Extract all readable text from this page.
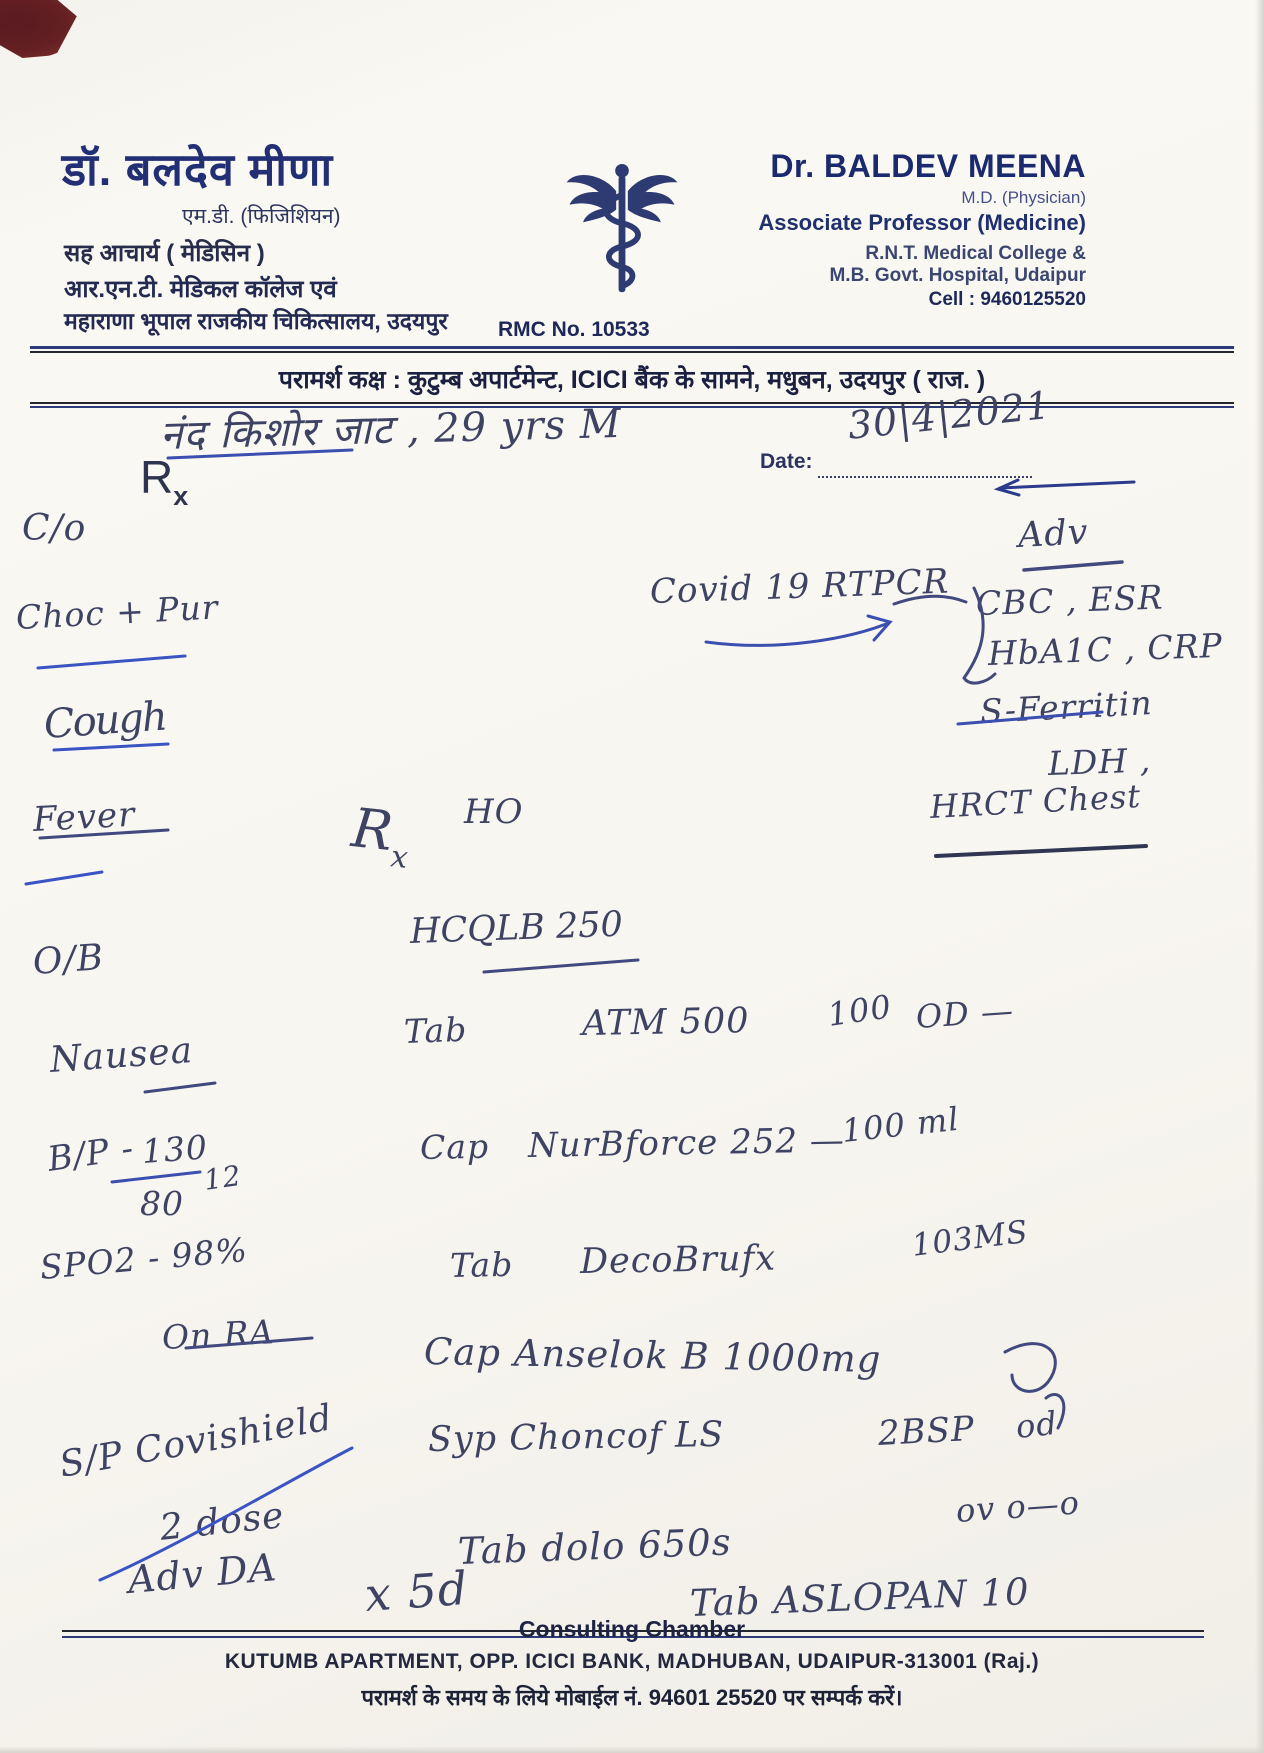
डॉ. बलदेव मीणा
एम.डी. (फिजिशियन)
सह आचार्य ( मेडिसिन )
आर.एन.टी. मेडिकल कॉलेज एवं
महाराणा भूपाल राजकीय चिकित्सालय, उदयपुर RMC No. 10533
Dr. BALDEV MEENA
M.D. (Physician)
Associate Professor (Medicine)
R.N.T. Medical College &
M.B. Govt. Hospital, Udaipur
Cell : 9460125520
परामर्श कक्ष : कुटुम्ब अपार्टमेन्ट, ICICI बैंक के सामने, मधुबन, उदयपुर ( राज. )
Date:
30|4|2021
Rx
नंद किशोर जाट , 29 yrs M
C/o
Choc + Pur
Cough
Fever
O/B
Nausea
B/P - 130
80
12
SPO2 - 98%
On RA
S/P Covishield
2 dose
Adv DA
Rx
HO
HCQLB 250
Tab	ATM 500 100 OD —
Cap NurBforce 252 —
100 ml
Tab DecoBrufx	103MS
Cap Anselok B 1000mg
Syp Choncof LS	2BSP od
ov o—o
Tab dolo 650s
x 5d	Tab ASLOPAN 10
Adv
Covid 19 RTPCR CBC , ESR
HbA1C , CRP
S-Ferritin
LDH ,
HRCT Chest
Consulting Chamber
KUTUMB APARTMENT, OPP. ICICI BANK, MADHUBAN, UDAIPUR-313001 (Raj.)
परामर्श के समय के लिये मोबाईल नं. 94601 25520 पर सम्पर्क करें।
